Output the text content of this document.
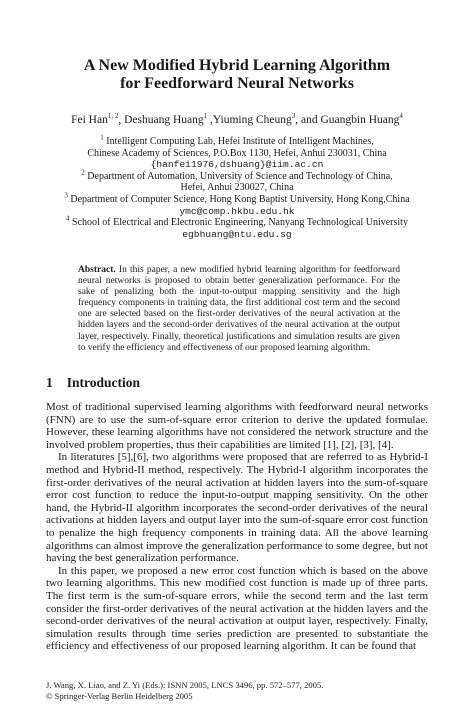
A New Modified Hybrid Learning Algorithm
for Feedforward Neural Networks
Fei Han$^{1, 2}$, Deshuang Huang$^1$ ,Yiuming Cheung$^3$, and Guangbin Huang$^4$
$^1$ Intelligent Computing Lab, Hefei Institute of Intelligent Machines,
Chinese Academy of Sciences, P.O.Box 1130, Hefei, Anhui 230031, China
{hanfei1976,dshuang}@iim.ac.cn
$^2$ Department of Automation, University of Science and Technology of China,
Hefei, Anhui 230027, China
$^3$ Department of Computer Science, Hong Kong Baptist University, Hong Kong,China
ymc@comp.hkbu.edu.hk
$^4$ School of Electrical and Electronic Engineering, Nanyang Technological University
egbhuang@ntu.edu.sg

Abstract. In this paper, a new modified hybrid learning algorithm for feedforward neural networks is proposed to obtain better generalization performance. For the sake of penalizing both the input-to-output mapping sensitivity and the high frequency components in training data, the first additional cost term and the second one are selected based on the first-order derivatives of the neural activation at the hidden layers and the second-order derivatives of the neural activation at the output layer, respectively. Finally, theoretical justifications and simulation results are given to verify the efficiency and effectiveness of our proposed learning algorithm.

1 Introduction

Most of traditional supervised learning algorithms with feedforward neural networks (FNN) are to use the sum-of-square error criterion to derive the updated formulae. However, these learning algorithms have not considered the network structure and the involved problem properties, thus their capabilities are limited [1], [2], [3], [4].

In literatures [5],[6], two algorithms were proposed that are referred to as Hybrid-I method and Hybrid-II method, respectively. The Hybrid-I algorithm incorporates the first-order derivatives of the neural activation at hidden layers into the sum-of-square error cost function to reduce the input-to-output mapping sensitivity. On the other hand, the Hybrid-II algorithm incorporates the second-order derivatives of the neural activations at hidden layers and output layer into the sum-of-square error cost function to penalize the high frequency components in training data. All the above learning algorithms can almost improve the generalization performance to some degree, but not having the best generalization performance.

In this paper, we proposed a new error cost function which is based on the above two learning algorithms. This new modified cost function is made up of three parts. The first term is the sum-of-square errors, while the second term and the last term consider the first-order derivatives of the neural activation at the hidden layers and the second-order derivatives of the neural activation at output layer, respectively. Finally, simulation results through time series prediction are presented to substantiate the efficiency and effectiveness of our proposed learning algorithm. It can be found that

J. Wang, X. Liao, and Z. Yi (Eds.): ISNN 2005, LNCS 3496, pp. 572–577, 2005.
© Springer-Verlag Berlin Heidelberg 2005
